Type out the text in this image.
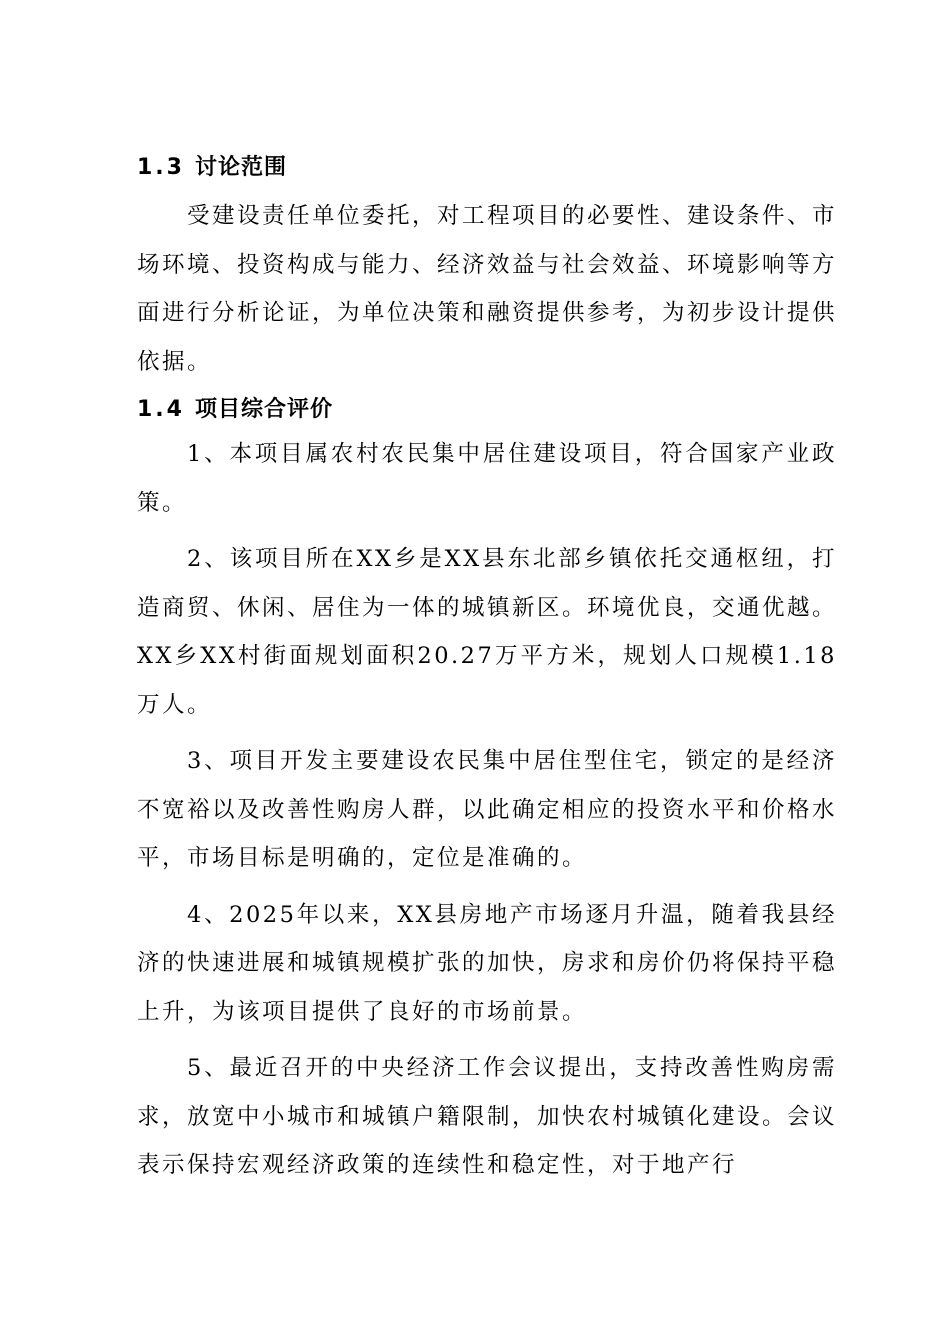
1.3 讨论范围

受建设责任单位委托，对工程项目的必要性、建设条件、市场环境、投资构成与能力、经济效益与社会效益、环境影响等方面进行分析论证，为单位决策和融资提供参考，为初步设计提供依据。

1.4 项目综合评价

1、本项目属农村农民集中居住建设项目，符合国家产业政策。

2、该项目所在XX乡是XX县东北部乡镇依托交通枢纽，打造商贸、休闲、居住为一体的城镇新区。环境优良，交通优越。XX乡XX村街面规划面积20.27万平方米，规划人口规模1.18万人。

3、项目开发主要建设农民集中居住型住宅，锁定的是经济不宽裕以及改善性购房人群，以此确定相应的投资水平和价格水平，市场目标是明确的，定位是准确的。

4、2025年以来，XX县房地产市场逐月升温，随着我县经济的快速进展和城镇规模扩张的加快，房求和房价仍将保持平稳上升，为该项目提供了良好的市场前景。

5、最近召开的中央经济工作会议提出，支持改善性购房需求，放宽中小城市和城镇户籍限制，加快农村城镇化建设。会议表示保持宏观经济政策的连续性和稳定性，对于地产行
